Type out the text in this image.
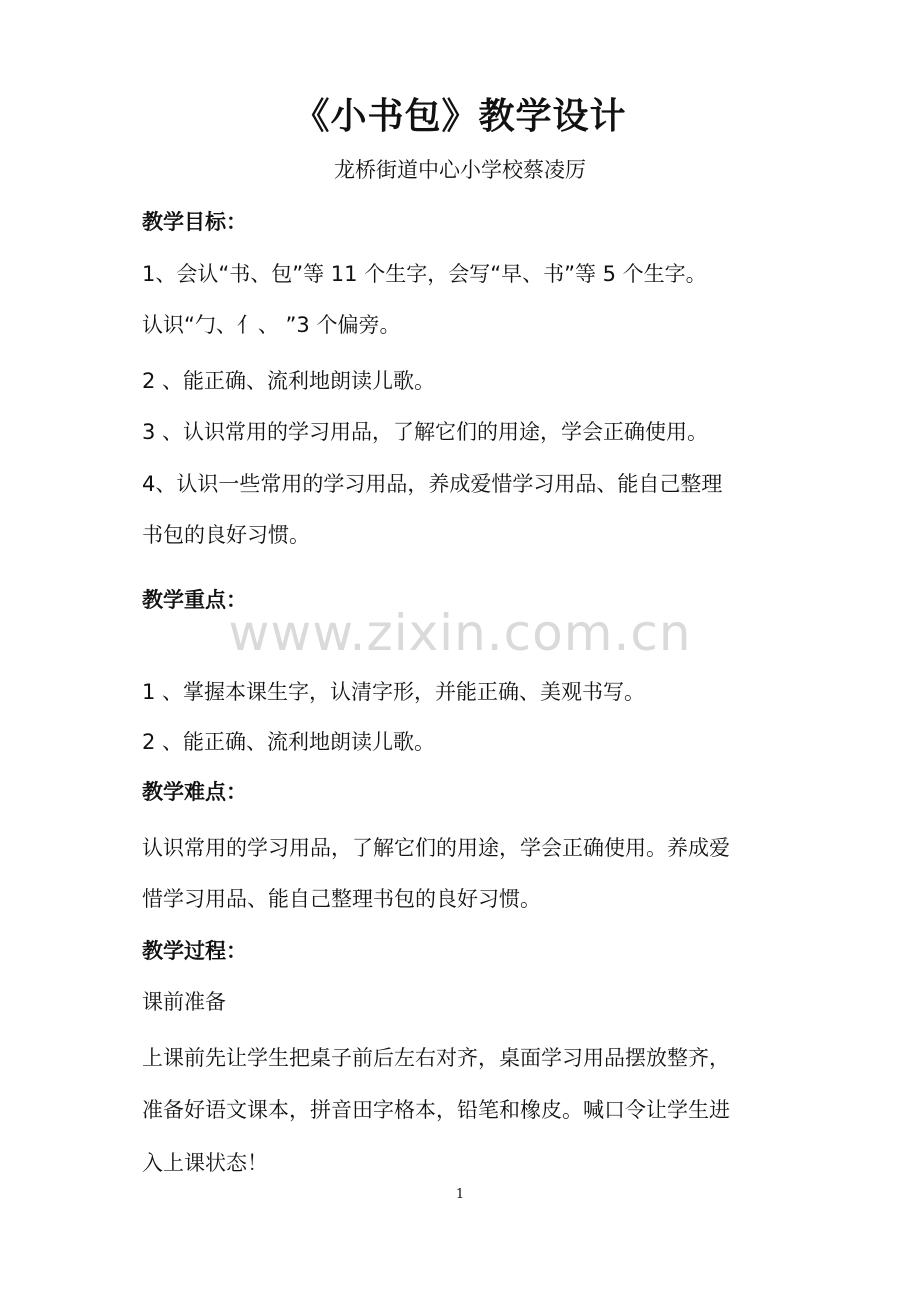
《小书包》教学设计
龙桥街道中心小学校蔡凌厉
教学目标：
1、会认“书、包”等 11 个生字，会写“早、书”等 5 个生字。
认识“勹、亻、 ”3 个偏旁。
2 、能正确、流利地朗读儿歌。
3 、认识常用的学习用品，了解它们的用途，学会正确使用。
4、认识一些常用的学习用品，养成爱惜学习用品、能自己整理
书包的良好习惯。
教学重点：
www.zixin.com.cn
1 、掌握本课生字，认清字形，并能正确、美观书写。
2 、能正确、流利地朗读儿歌。
教学难点：
认识常用的学习用品，了解它们的用途，学会正确使用。养成爱
惜学习用品、能自己整理书包的良好习惯。
教学过程：
课前准备
上课前先让学生把桌子前后左右对齐，桌面学习用品摆放整齐，
准备好语文课本，拼音田字格本，铅笔和橡皮。喊口令让学生进
入上课状态！
1
